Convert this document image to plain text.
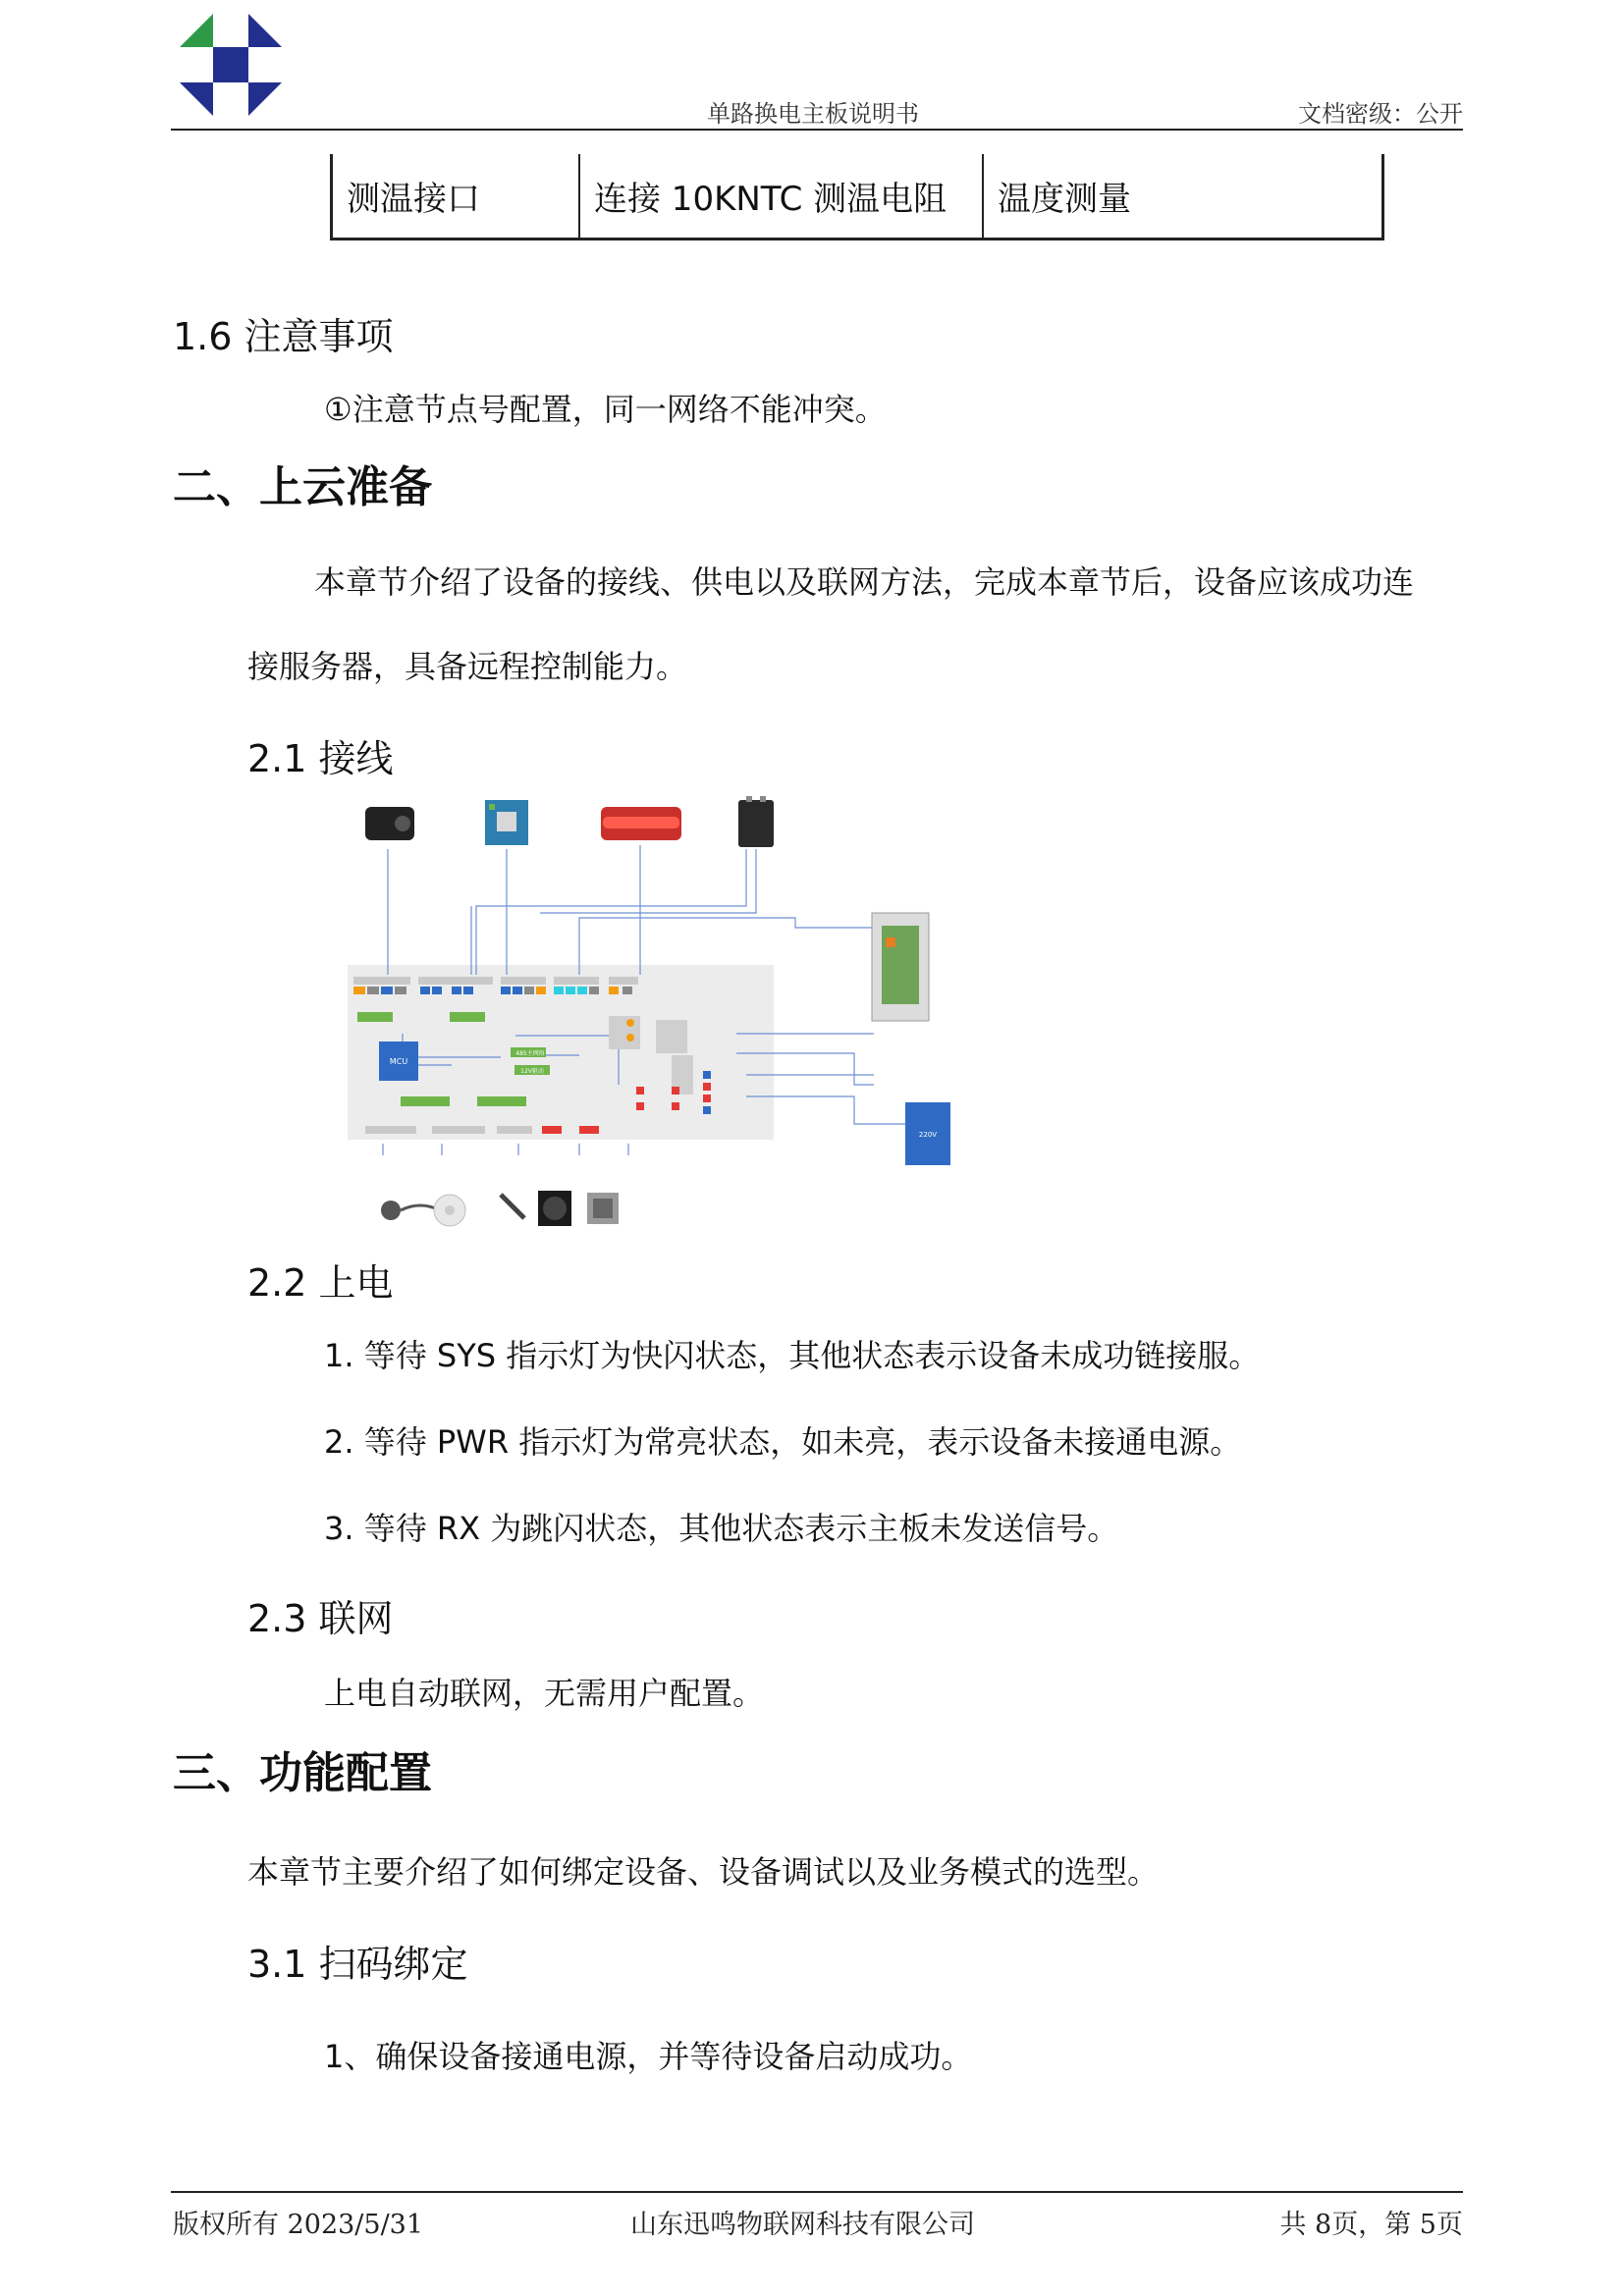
单路换电主板说明书	文档密级：公开
测温接口	连接 10KNTC 测温电阻	温度测量
1.6 注意事项
①注意节点号配置，同一网络不能冲突。
二、上云准备
本章节介绍了设备的接线、供电以及联网方法，完成本章节后，设备应该成功连
接服务器，具备远程控制能力。
2.1 接线
MCU
485主网络
12V驱动
220V
2.2 上电
1. 等待 SYS 指示灯为快闪状态，其他状态表示设备未成功链接服。
2. 等待 PWR 指示灯为常亮状态，如未亮，表示设备未接通电源。
3. 等待 RX 为跳闪状态，其他状态表示主板未发送信号。
2.3 联网
上电自动联网，无需用户配置。
三、功能配置
本章节主要介绍了如何绑定设备、设备调试以及业务模式的选型。
3.1 扫码绑定
1、确保设备接通电源，并等待设备启动成功。
版权所有 2023/5/31	山东迅鸣物联网科技有限公司	共 8页，第 5页
